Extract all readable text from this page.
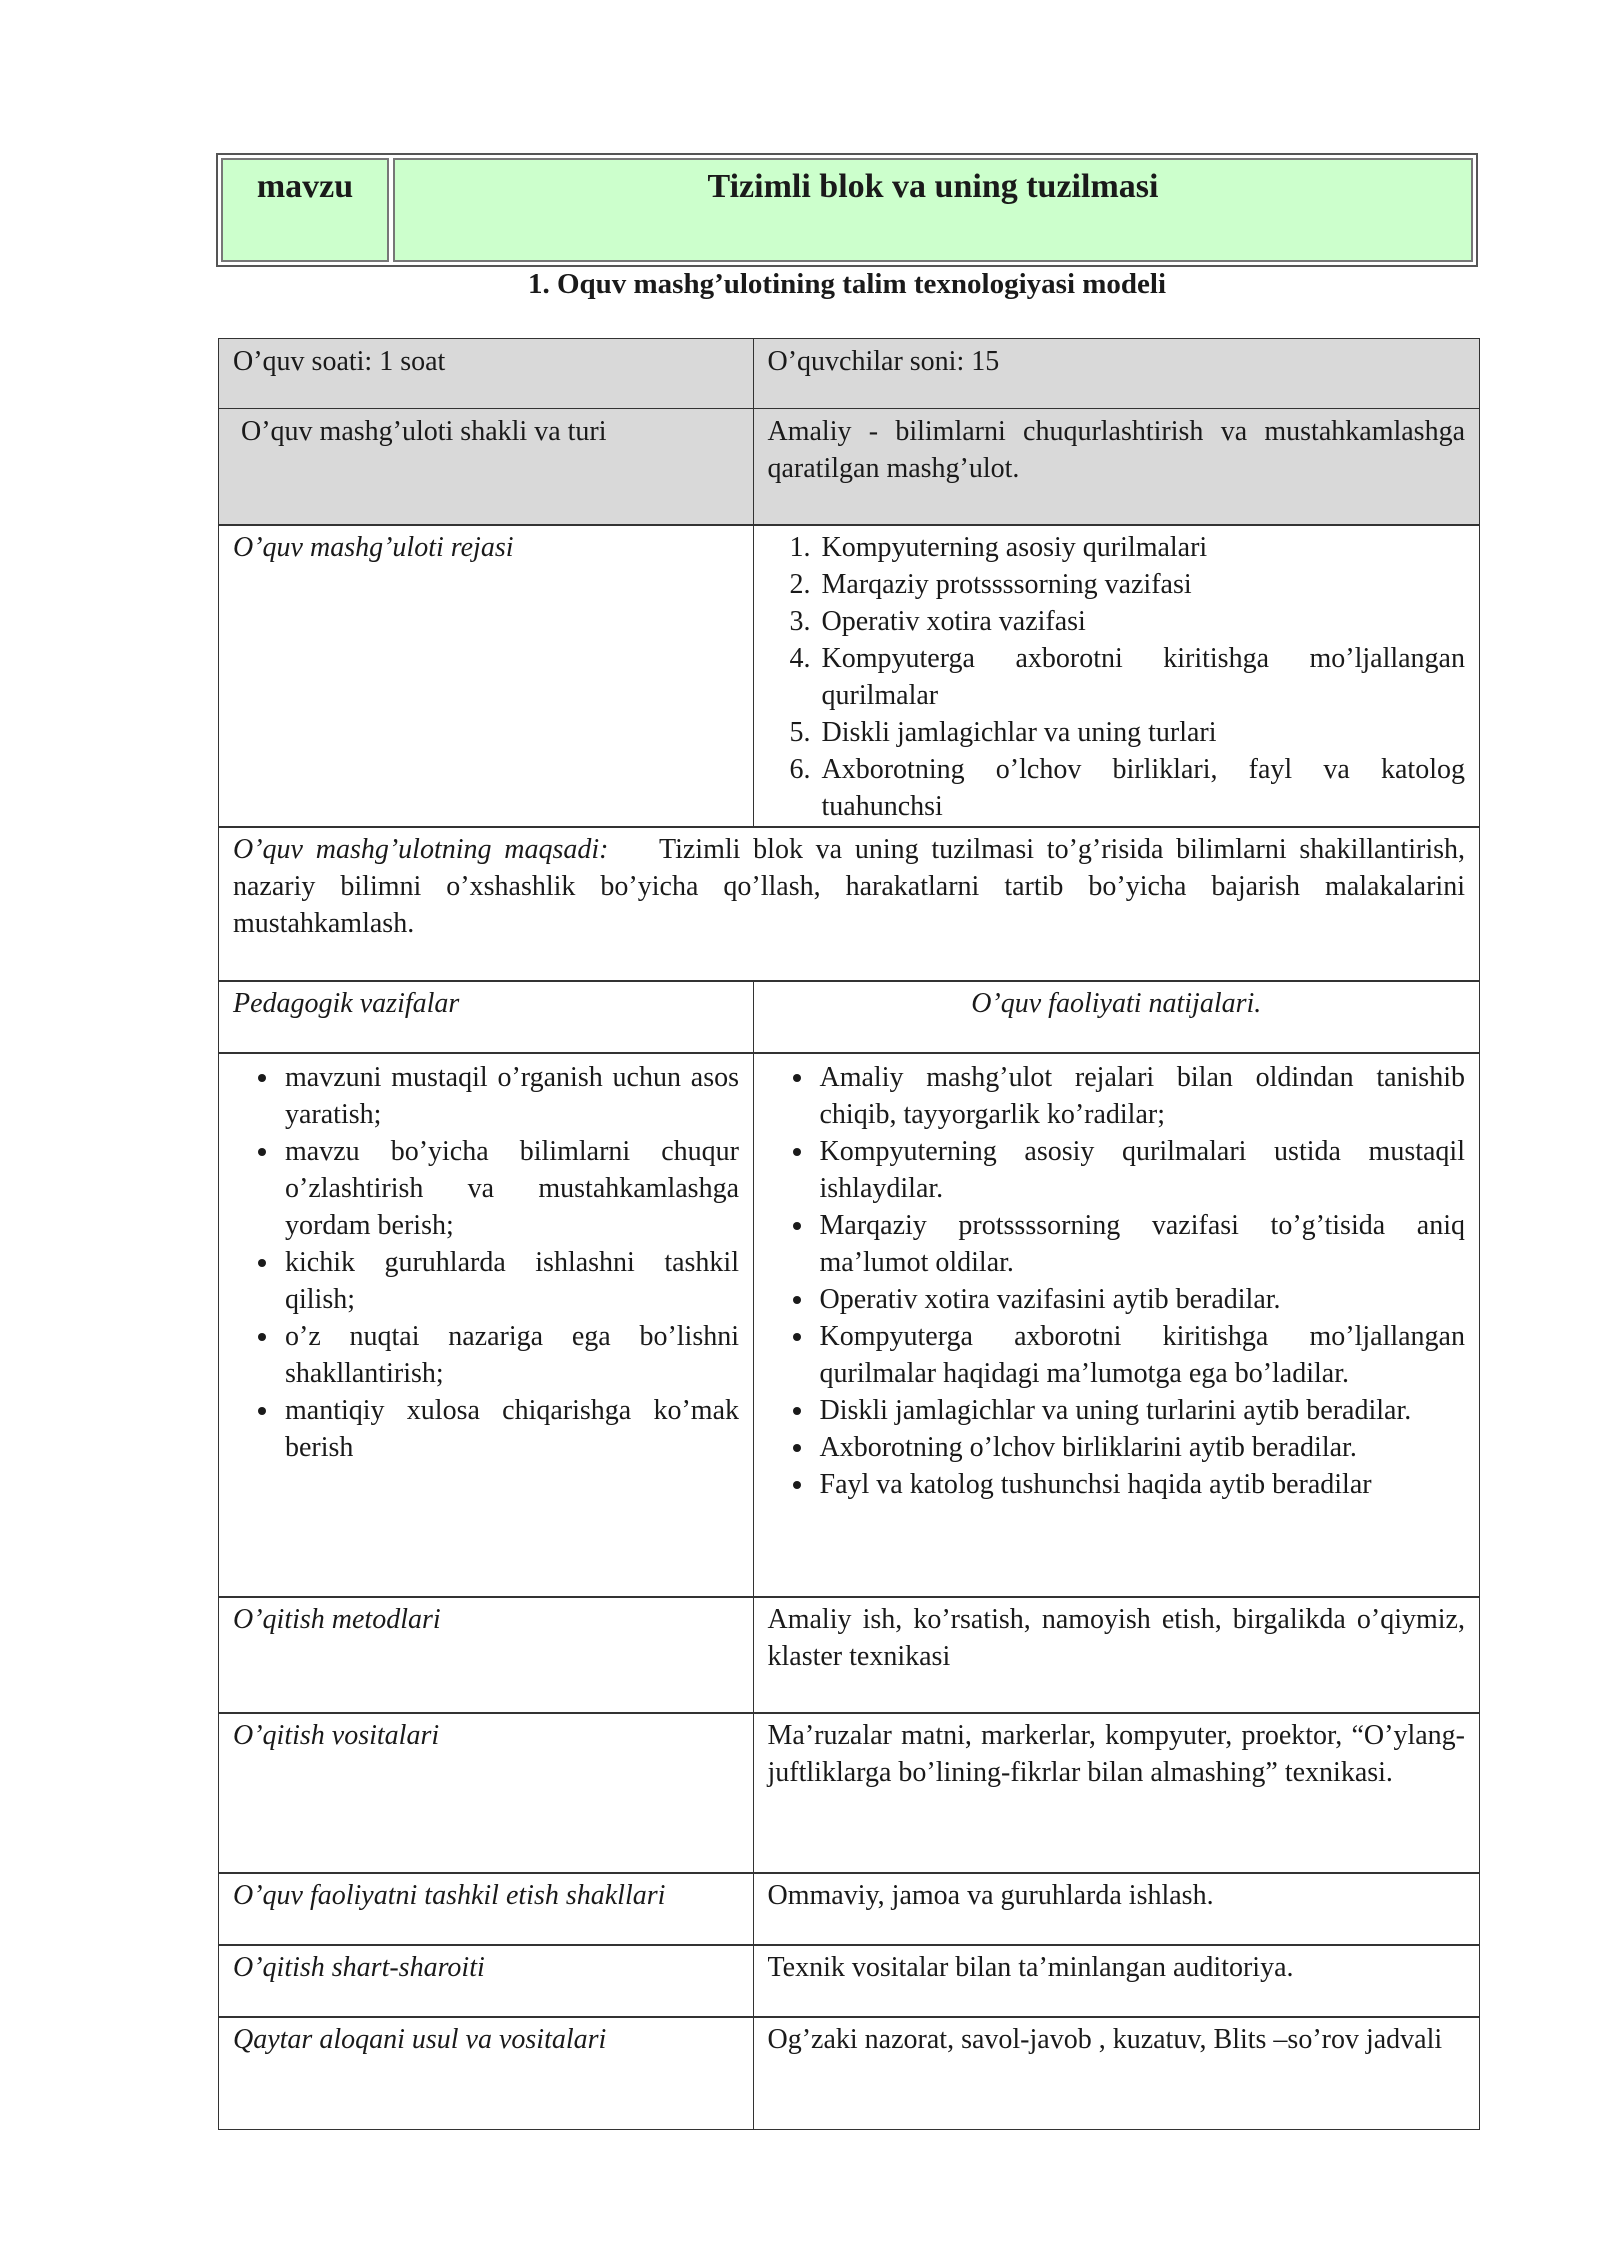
mavzu	Tizimli blok va uning tuzilmasi
1. Oquv mashg’ulotining talim texnologiyasi modeli
O’quv soati: 1 soat	O’quvchilar soni: 15
O’quv mashg’uloti shakli va turi	Amaliy - bilimlarni chuqurlashtirish va mustahkamlashga qaratilgan mashg’ulot.
O’quv mashg’uloti rejasi
1.	Kompyuterning asosiy qurilmalari
2. Marqaziy protssssorning vazifasi
3. Operativ xotira vazifasi
4. Kompyuterga axborotni kiritishga mo’ljallangan qurilmalar
5. Diskli jamlagichlar va uning turlari
6. Axborotning o’lchov birliklari, fayl va katolog tuahunchsi
O’quv mashg’ulotning maqsadi: Tizimli blok va uning tuzilmasi to’g’risida bilimlarni shakillantirish, nazariy bilimni o’xshashlik bo’yicha qo’llash, harakatlarni tartib bo’yicha bajarish malakalarini mustahkamlash.
Pedagogik vazifalar	O’quv faoliyati natijalari.
• mavzuni mustaqil o’rganish uchun asos yaratish;
• mavzu bo’yicha bilimlarni chuqur o’zlashtirish va mustahkamlashga yordam berish;
• kichik guruhlarda ishlashni tashkil qilish;
• o’z nuqtai nazariga ega bo’lishni shakllantirish;
• mantiqiy xulosa chiqarishga ko’mak berish
• Amaliy mashg’ulot rejalari bilan oldindan tanishib chiqib, tayyorgarlik ko’radilar;
• Kompyuterning asosiy qurilmalari ustida mustaqil ishlaydilar.
• Marqaziy protssssorning vazifasi to’g’tisida aniq ma’lumot oldilar.
• Operativ xotira vazifasini aytib beradilar.
• Kompyuterga axborotni kiritishga mo’ljallangan qurilmalar haqidagi ma’lumotga ega bo’ladilar.
• Diskli jamlagichlar va uning turlarini aytib beradilar.
• Axborotning o’lchov birliklarini aytib beradilar.
• Fayl va katolog tushunchsi haqida aytib beradilar
O’qitish metodlari	Amaliy ish, ko’rsatish, namoyish etish, birgalikda o’qiymiz, klaster texnikasi
O’qitish vositalari	Ma’ruzalar matni, markerlar, kompyuter, proektor, “O’ylang-juftliklarga bo’lining-fikrlar bilan almashing” texnikasi.
O’quv faoliyatni tashkil etish shakllari	Ommaviy, jamoa va guruhlarda ishlash.
O’qitish shart-sharoiti	Texnik vositalar bilan ta’minlangan auditoriya.
Qaytar aloqani usul va vositalari	Og’zaki nazorat, savol-javob , kuzatuv, Blits –so’rov jadvali
